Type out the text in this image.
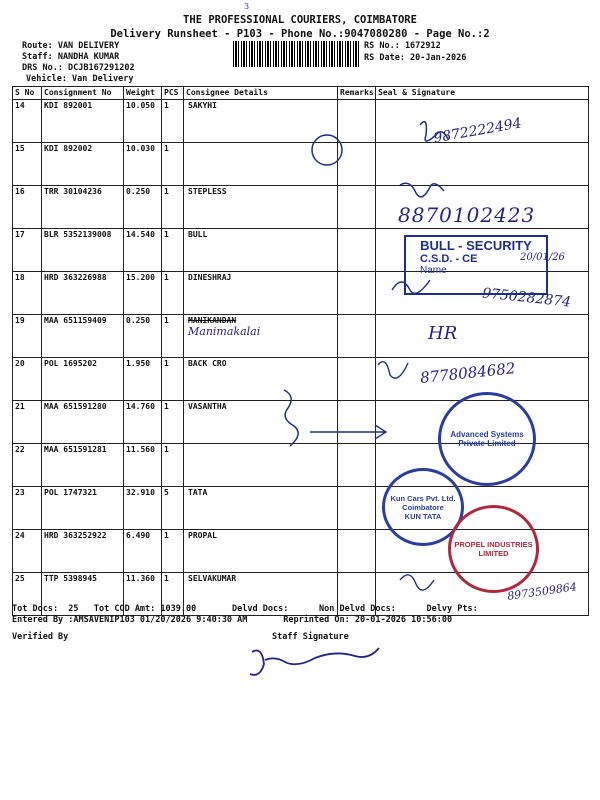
3
THE PROFESSIONAL COURIERS, COIMBATORE
Delivery Runsheet - P103 - Phone No.:9047080280 - Page No.:2
Route: VAN DELIVERY
Staff: NANDHA KUMAR
DRS No.: DCJB167291202
Vehicle: Van Delivery
RS No.: 1672912
RS Date: 20-Jan-2026
S No	Consignment No	Weight	PCS	Consignee Details	Remarks	Seal & Signature
14	KDI 892001	10.050	1	SAKYHI		
15	KDI 892002	10.030	1			
16	TRR 30104236	0.250	1	STEPLESS		
17	BLR 5352139008	14.540	1	BULL		
18	HRD 363226988	15.200	1	DINESHRAJ		
19	MAA 651159409	0.250	1	MANIKANDAN
Manimakalai		

20	POL 1695202	1.950	1	BACK CRO		
21	MAA 651591280	14.760	1	VASANTHA		
22	MAA 651591281	11.560	1			
23	POL 1747321	32.910	5	TATA		
24	HRD 363252922	6.490	1	PROPAL		
25	TTP 5398945	11.360	1	SELVAKUMAR		
9872222494
8870102423
9750282874
HR
8778084682
8973509864
BULL - SECURITY
C.S.D. - CE
Name
20/01/26
Advanced Systems Private Limited
Kun Cars Pvt. Ltd. Coimbatore
KUN TATA
PROPEL INDUSTRIES LIMITED
Tot Docs:  25   Tot COD Amt: 1039.00       Delvd Docs:      Non Delvd Docs:      Delvy Pts:
Entered By :AMSAVENIP103 01/20/2026 9:40:30 AM       Reprinted On: 20-01-2026 10:56:00
Verified By	Staff Signature
